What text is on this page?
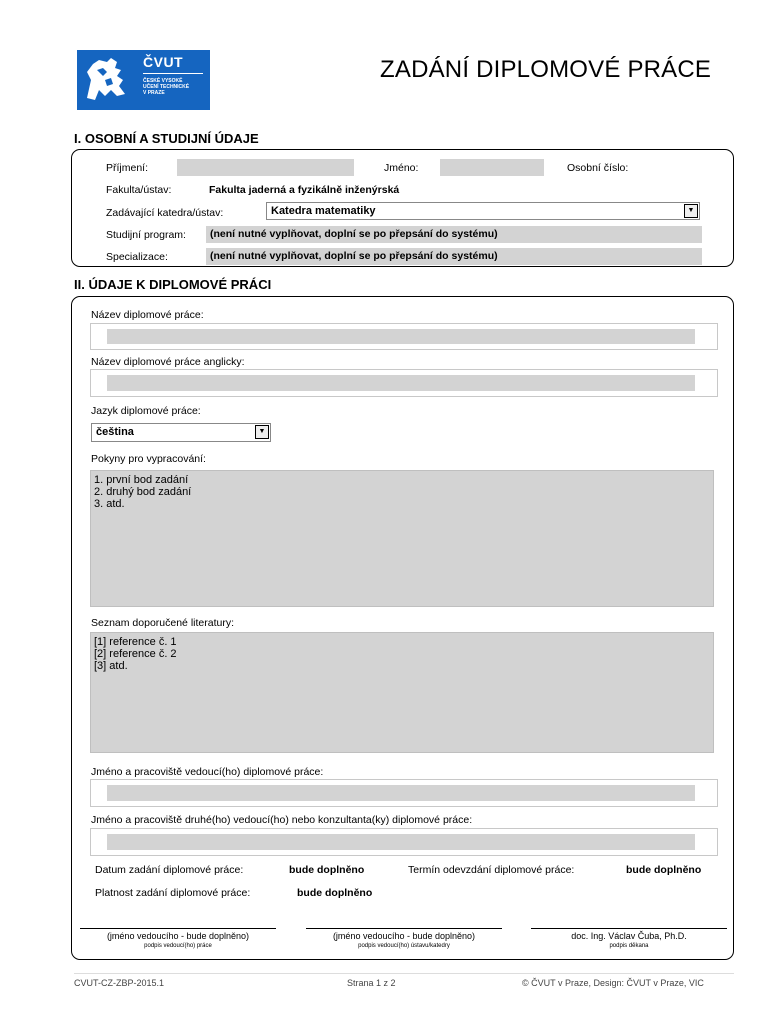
ČVUT
ČESKÉ VYSOKÉ
UČENÍ TECHNICKÉ
V PRAZE
ZADÁNÍ DIPLOMOVÉ PRÁCE
I. OSOBNÍ A STUDIJNÍ ÚDAJE
Příjmení:	Jméno:	Osobní číslo:
Fakulta/ústav:	Fakulta jaderná a fyzikálně inženýrská
Zadávající katedra/ústav:	Katedra matematiky	▼
Studijní program:	(není nutné vyplňovat, doplní se po přepsání do systému)
Specializace:	(není nutné vyplňovat, doplní se po přepsání do systému)
II. ÚDAJE K DIPLOMOVÉ PRÁCI
Název diplomové práce:
Název diplomové práce anglicky:
Jazyk diplomové práce:
čeština	▼
Pokyny pro vypracování:
1. první bod zadání
2. druhý bod zadání
3. atd.
Seznam doporučené literatury:
[1] reference č. 1
[2] reference č. 2
[3] atd.
Jméno a pracoviště vedoucí(ho) diplomové práce:
Jméno a pracoviště druhé(ho) vedoucí(ho) nebo konzultanta(ky) diplomové práce:
Datum zadání diplomové práce:	bude doplněno	Termín odevzdání diplomové práce:	bude doplněno
Platnost zadání diplomové práce:	bude doplněno
(jméno vedoucího - bude doplněno)
podpis vedoucí(ho) práce
(jméno vedoucího - bude doplněno)
podpis vedoucí(ho) ústavu/katedry
doc. Ing. Václav Čuba, Ph.D.
podpis děkana
CVUT-CZ-ZBP-2015.1	Strana 1 z 2	© ČVUT v Praze, Design: ČVUT v Praze, VIC
